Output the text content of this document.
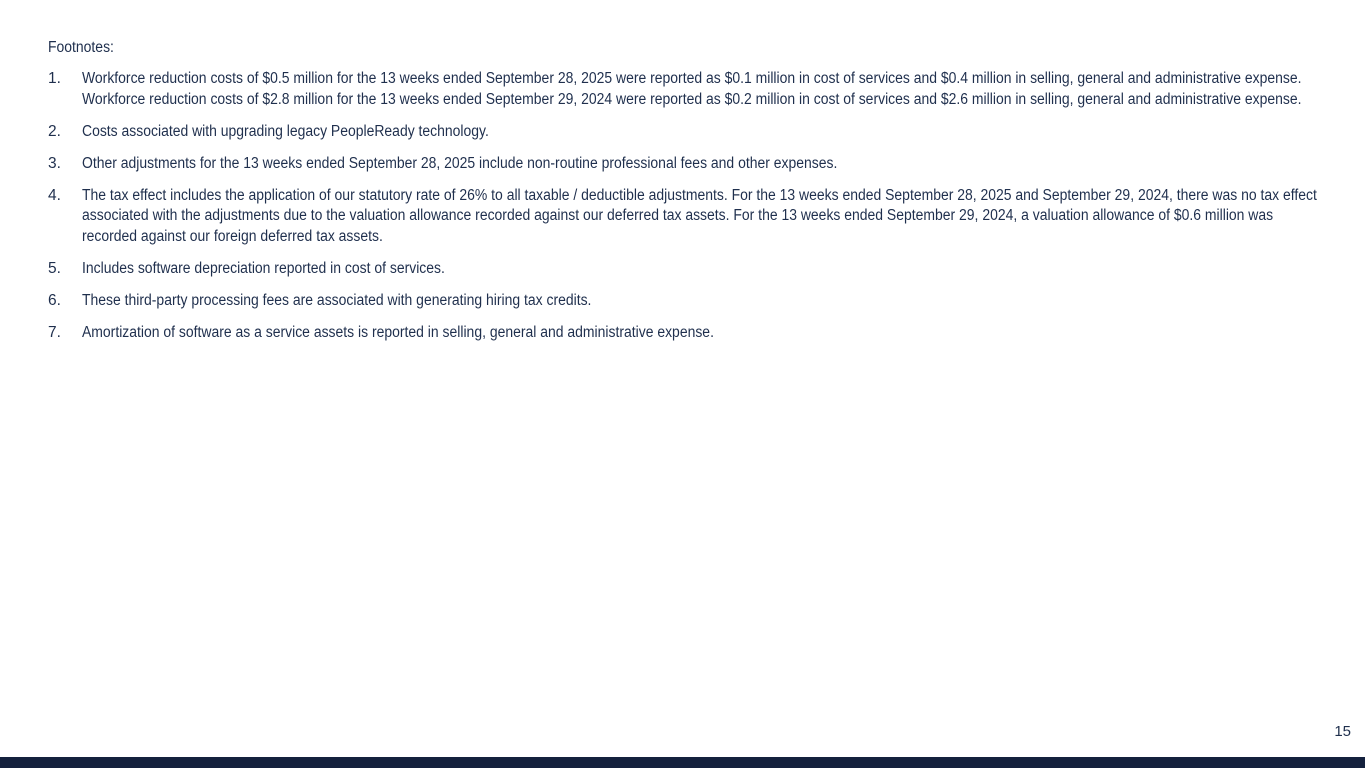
Footnotes:
1.	Workforce reduction costs of $0.5 million for the 13 weeks ended September 28, 2025 were reported as $0.1 million in cost of services and $0.4 million in selling, general and administrative expense. Workforce reduction costs of $2.8 million for the 13 weeks ended September 29, 2024 were reported as $0.2 million in cost of services and $2.6 million in selling, general and administrative expense.
2.	Costs associated with upgrading legacy PeopleReady technology.
3.	Other adjustments for the 13 weeks ended September 28, 2025 include non-routine professional fees and other expenses.
4.	The tax effect includes the application of our statutory rate of 26% to all taxable / deductible adjustments. For the 13 weeks ended September 28, 2025 and September 29, 2024, there was no tax effect associated with the adjustments due to the valuation allowance recorded against our deferred tax assets. For the 13 weeks ended September 29, 2024, a valuation allowance of $0.6 million was recorded against our foreign deferred tax assets.
5.	Includes software depreciation reported in cost of services.
6.	These third-party processing fees are associated with generating hiring tax credits.
7.	Amortization of software as a service assets is reported in selling, general and administrative expense.
15
